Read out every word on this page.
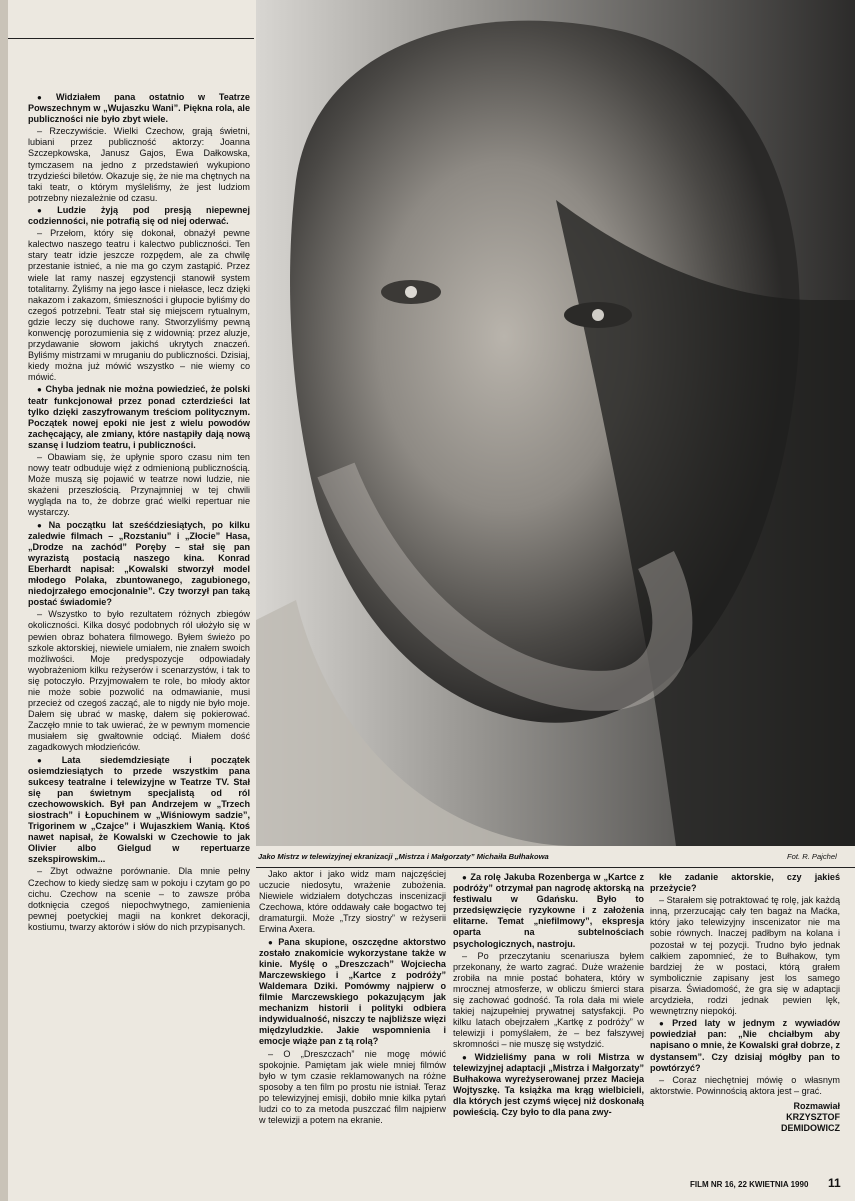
● Widziałem pana ostatnio w Teatrze Powszechnym w „Wujaszku Wani”. Piękna rola, ale publiczności nie było zbyt wiele.

– Rzeczywiście. Wielki Czechow, grają świetni, lubiani przez publiczność aktorzy: Joanna Szczepkowska, Janusz Gajos, Ewa Dałkowska, tymczasem na jedno z przedstawień wykupiono trzydzieści biletów. Okazuje się, że nie ma chętnych na taki teatr, o którym myśleliśmy, że jest ludziom potrzebny niezależnie od czasu.

● Ludzie żyją pod presją niepewnej codzienności, nie potrafią się od niej oderwać.

– Przełom, który się dokonał, obnażył pewne kalectwo naszego teatru i kalectwo publiczności. Ten stary teatr idzie jeszcze rozpędem, ale za chwilę przestanie istnieć, a nie ma go czym zastąpić. Przez wiele lat ramy naszej egzystencji stanowił system totalitarny. Żyliśmy na jego łasce i niełasce, lecz dzięki nakazom i zakazom, śmieszności i głupocie byliśmy do czegoś potrzebni. Teatr stał się miejscem rytualnym, gdzie leczy się duchowe rany. Stworzyliśmy pewną konwencję porozumienia się z widownią: przez aluzje, przydawanie słowom jakichś ukrytych znaczeń. Byliśmy mistrzami w mruganiu do publiczności. Dzisiaj, kiedy można już mówić wszystko – nie wiemy co mówić.

● Chyba jednak nie można powiedzieć, że polski teatr funkcjonował przez ponad czterdzieści lat tylko dzięki zaszyfrowanym treściom politycznym. Początek nowej epoki nie jest z wielu powodów zachęcający, ale zmiany, które nastąpiły dają nową szansę i ludziom teatru, i publiczności.

– Obawiam się, że upłynie sporo czasu nim ten nowy teatr odbuduje więź z odmienioną publicznością. Może muszą się pojawić w teatrze nowi ludzie, nie skażeni przeszłością. Przynajmniej w tej chwili wygląda na to, że dobrze grać wielki repertuar nie wystarczy.

● Na początku lat sześćdziesiątych, po kilku zaledwie filmach – „Rozstaniu” i „Złocie” Hasa, „Drodze na zachód” Poręby – stał się pan wyrazistą postacią naszego kina. Konrad Eberhardt napisał: „Kowalski stworzył model młodego Polaka, zbuntowanego, zagubionego, niedojrzałego emocjonalnie”. Czy tworzył pan taką postać świadomie?

– Wszystko to było rezultatem różnych zbiegów okoliczności. Kilka dosyć podobnych ról ułożyło się w pewien obraz bohatera filmowego. Byłem świeżo po szkole aktorskiej, niewiele umiałem, nie znałem swoich możliwości. Moje predyspozycje odpowiadały wyobrażeniom kilku reżyserów i scenarzystów, i tak to się potoczyło. Przyjmowałem te role, bo młody aktor nie może sobie pozwolić na odmawianie, musi przecież od czegoś zacząć, ale to nigdy nie było moje. Dałem się ubrać w maskę, dałem się pokierować. Zaczęło mnie to tak uwierać, że w pewnym momencie musiałem się gwałtownie odciąć. Miałem dość zagadkowych młodzieńców.

● Lata siedemdziesiąte i początek osiemdziesiątych to przede wszystkim pana sukcesy teatralne i telewizyjne w Teatrze TV. Stał się pan świetnym specjalistą od ról czechowowskich. Był pan Andrzejem w „Trzech siostrach” i Łopuchinem w „Wiśniowym sadzie”, Trigorinem w „Czajce” i Wujaszkiem Wanią. Ktoś nawet napisał, że Kowalski w Czechowie to jak Olivier albo Gielgud w repertuarze szekspirowskim...

– Zbyt odważne porównanie. Dla mnie pełny Czechow to kiedy siedzę sam w pokoju i czytam go po cichu. Czechow na scenie – to zawsze próba dotknięcia czegoś niepochwytnego, zamienienia pewnej poetyckiej magii na konkret dekoracji, kostiumu, twarzy aktorów i słów do nich przypisanych.

Jako Mistrz w telewizyjnej ekranizacji „Mistrza i Małgorzaty” Michaiła Bułhakowa	Fot. R. Pajchel

Jako aktor i jako widz mam najczęściej uczucie niedosytu, wrażenie zubożenia. Niewiele widziałem dotychczas inscenizacji Czechowa, które oddawały całe bogactwo tej dramaturgii. Może „Trzy siostry” w reżyserii Erwina Axera.

● Pana skupione, oszczędne aktorstwo zostało znakomicie wykorzystane także w kinie. Myślę o „Dreszczach” Wojciecha Marczewskiego i „Kartce z podróży” Waldemara Dziki. Pomówmy najpierw o filmie Marczewskiego pokazującym jak mechanizm historii i polityki odbiera indywidualność, niszczy te najbliższe więzi międzyludzkie. Jakie wspomnienia i emocje wiąże pan z tą rolą?

– O „Dreszczach” nie mogę mówić spokojnie. Pamiętam jak wiele mniej filmów było w tym czasie reklamowanych na różne sposoby a ten film po prostu nie istniał. Teraz po telewizyjnej emisji, dobiło mnie kilka pytań ludzi co to za metoda puszczać film najpierw w telewizji a potem na ekranie.

● Za rolę Jakuba Rozenberga w „Kartce z podróży” otrzymał pan nagrodę aktorską na festiwalu w Gdańsku. Było to przedsięwzięcie ryzykowne i z założenia elitarne. Temat „niefilmowy”, ekspresja oparta na subtelnościach psychologicznych, nastroju.

– Po przeczytaniu scenariusza byłem przekonany, że warto zagrać. Duże wrażenie zrobiła na mnie postać bohatera, który w mrocznej atmosferze, w obliczu śmierci stara się zachować godność. Ta rola dała mi wiele takiej najzupełniej prywatnej satysfakcji. Po kilku latach obejrzałem „Kartkę z podróży” w telewizji i pomyślałem, że – bez fałszywej skromności – nie muszę się wstydzić.

● Widzieliśmy pana w roli Mistrza w telewizyjnej adaptacji „Mistrza i Małgorzaty” Bułhakowa wyreżyserowanej przez Macieja Wojtyszkę. Ta książka ma krąg wielbicieli, dla których jest czymś więcej niż doskonałą powieścią. Czy było to dla pana zwy-

kłe zadanie aktorskie, czy jakieś przeżycie?

– Starałem się potraktować tę rolę, jak każdą inną, przerzucając cały ten bagaż na Maćka, który jako telewizyjny inscenizator nie ma sobie równych. Inaczej padłbym na kolana i pozostał w tej pozycji. Trudno było jednak całkiem zapomnieć, że to Bułhakow, tym bardziej że w postaci, którą grałem symbolicznie zapisany jest los samego pisarza. Świadomość, że gra się w adaptacji arcydzieła, rodzi jednak pewien lęk, wewnętrzny niepokój.

● Przed laty w jednym z wywiadów powiedział pan: „Nie chciałbym aby napisano o mnie, że Kowalski grał dobrze, z dystansem”. Czy dzisiaj mógłby pan to powtórzyć?

– Coraz niechętniej mówię o własnym aktorstwie. Powinnością aktora jest – grać.

Rozmawiał
KRZYSZTOF
DEMIDOWICZ
FILM NR 16, 22 KWIETNIA 1990 11
